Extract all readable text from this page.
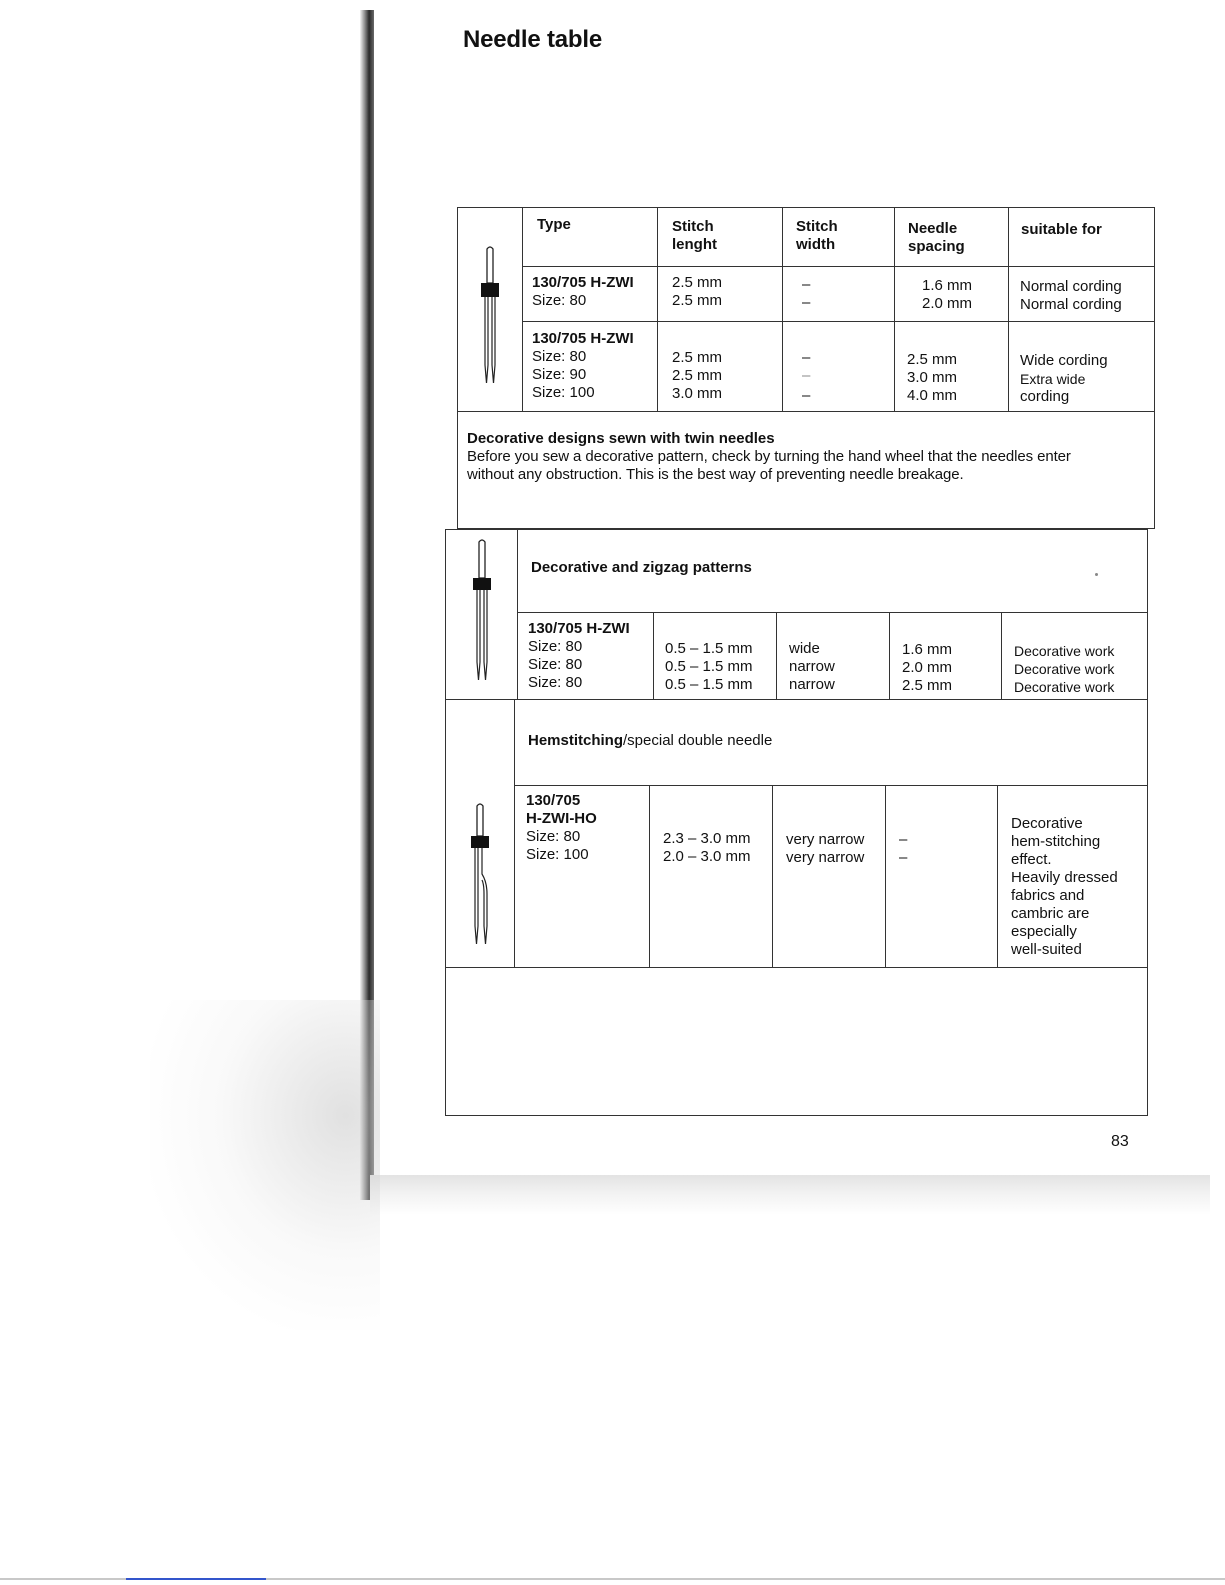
Needle table
Type	Stitch
lenght
Stitch
width
Needle
spacing
suitable for
130/705 H-ZWI
Size: 80
2.5 mm
2.5 mm
–
–
1.6 mm
2.0 mm
Normal cording
Normal cording
130/705 H-ZWI
Size: 80
Size: 90
Size: 100
2.5 mm
2.5 mm
3.0 mm
–
–
–
2.5 mm
3.0 mm
4.0 mm
Wide cording
Extra wide
cording
Decorative designs sewn with twin needles
Before you sew a decorative pattern, check by turning the hand wheel that the needles enter
without any obstruction. This is the best way of preventing needle breakage.
Decorative and zigzag patterns
130/705 H-ZWI
Size: 80
Size: 80
Size: 80
0.5 – 1.5 mm
0.5 – 1.5 mm
0.5 – 1.5 mm
wide
narrow
narrow
1.6 mm
2.0 mm
2.5 mm
Decorative work
Decorative work
Decorative work
Hemstitching/special double needle
130/705
H-ZWI-HO
Size: 80
Size: 100
2.3 – 3.0 mm
2.0 – 3.0 mm
very narrow
very narrow
–
–
Decorative
hem-stitching
effect.
Heavily dressed
fabrics and
cambric are
especially
well-suited
83
